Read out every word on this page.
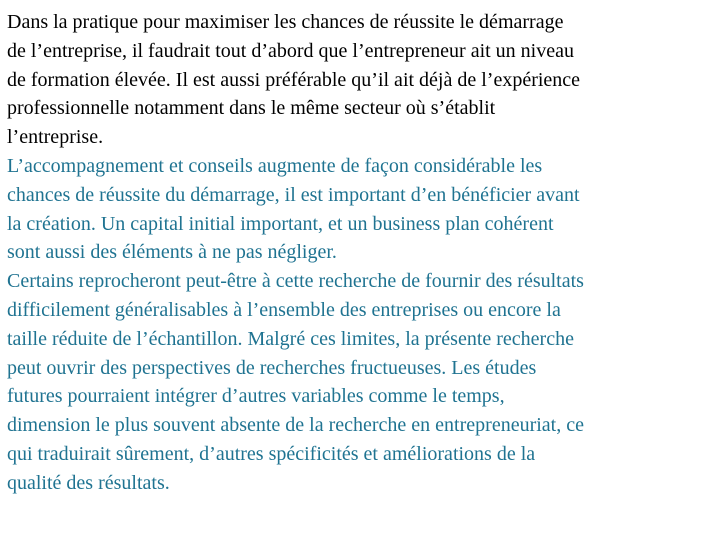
Dans la pratique pour maximiser les chances de réussite le démarrage
de l’entreprise, il faudrait tout d’abord que l’entrepreneur ait un niveau
de formation élevée. Il est aussi préférable qu’il ait déjà de l’expérience
professionnelle notamment dans le même secteur où s’établit
l’entreprise.

L’accompagnement et conseils augmente de façon considérable les
chances de réussite du démarrage, il est important d’en bénéficier avant
la création. Un capital initial important, et un business plan cohérent
sont aussi des éléments à ne pas négliger.

Certains reprocheront peut-être à cette recherche de fournir des résultats
difficilement généralisables à l’ensemble des entreprises ou encore la
taille réduite de l’échantillon. Malgré ces limites, la présente recherche
peut ouvrir des perspectives de recherches fructueuses. Les études
futures pourraient intégrer d’autres variables comme le temps,
dimension le plus souvent absente de la recherche en entrepreneuriat, ce
qui traduirait sûrement, d’autres spécificités et améliorations de la
qualité des résultats.
